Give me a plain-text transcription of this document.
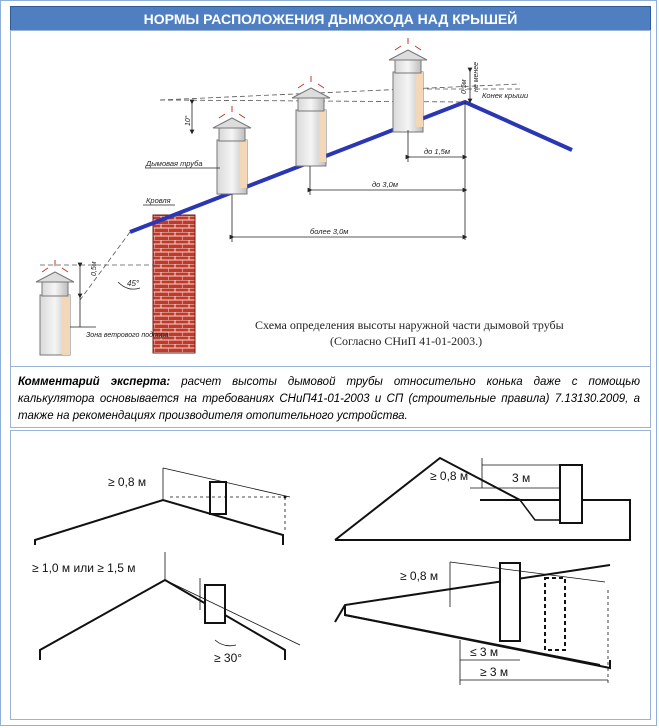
НОРМЫ РАСПОЛОЖЕНИЯ ДЫМОХОДА НАД КРЫШЕЙ
Конек крыши
не менее
0,5м
0,5м
10°
Дымовая труба
Кровля
45°
до 1,5м
до 3,0м
более 3,0м
Зона ветрового подпора
Схема определения высоты наружной части дымовой трубы
(Согласно СНиП 41-01-2003.)
Комментарий эксперта: расчет высоты дымовой трубы относительно конька даже с помощью калькулятора основывается на требованиях СНиП41-01-2003 и СП (строительные правила) 7.13130.2009, а также на рекомендациях производителя отопительного устройства.
≥ 0,8 м	≥ 0,8 м	3 м
≥ 1,0 м или ≥ 1,5 м
≥ 30°
≥ 0,8 м
≤ 3 м
≥ 3 м
